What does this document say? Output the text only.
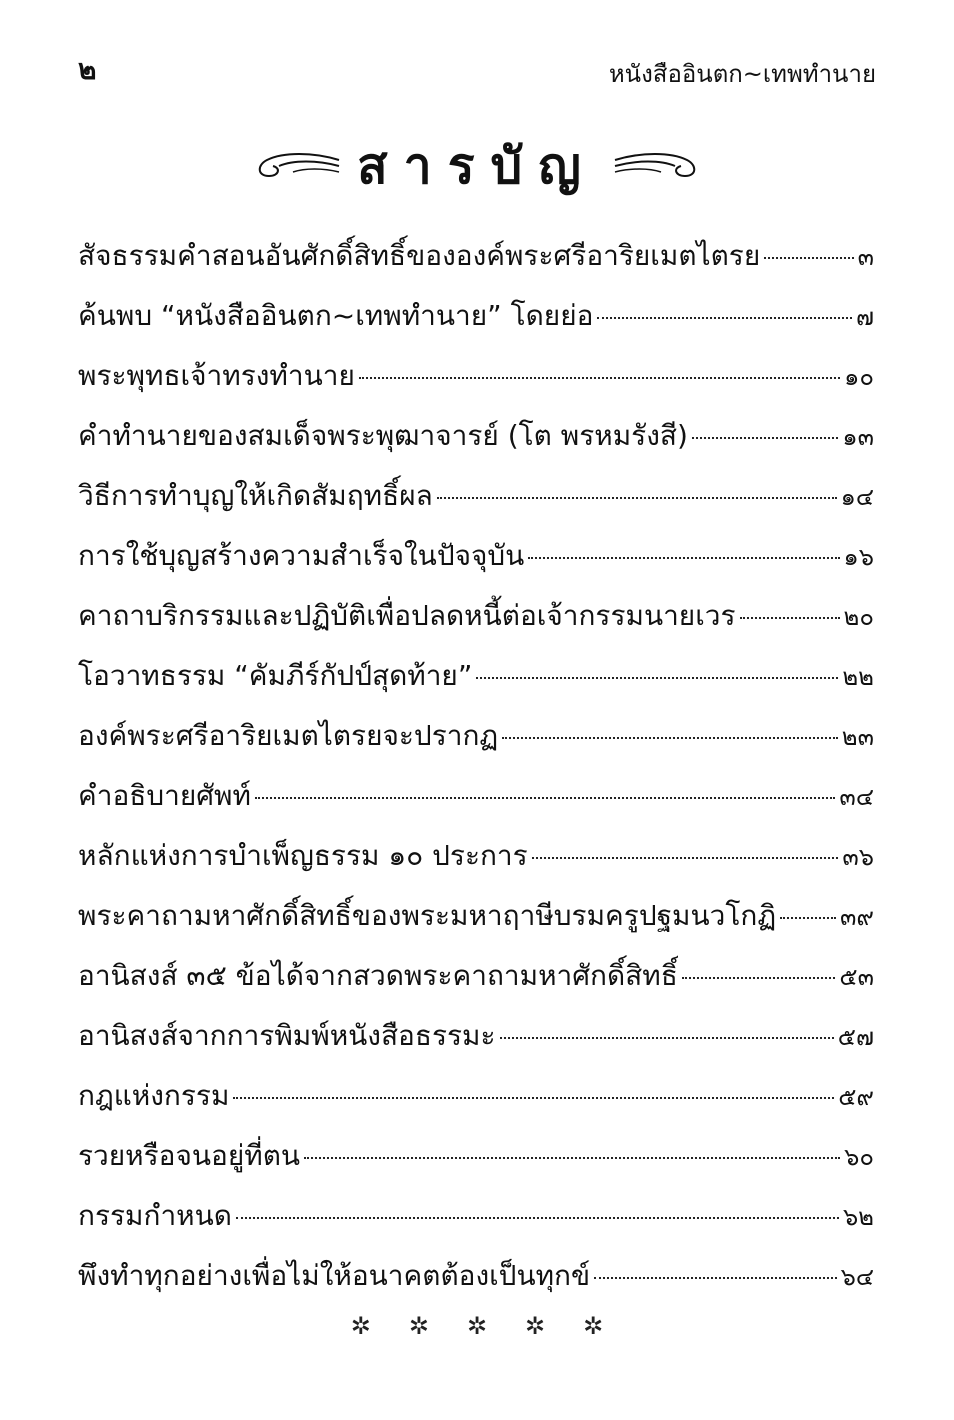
๒	หนังสืออินตก~เทพทำนาย
สารบัญ
สัจธรรมคำสอนอันศักดิ์สิทธิ์ขององค์พระศรีอาริยเมตไตรย	๓
ค้นพบ “หนังสืออินตก~เทพทำนาย” โดยย่อ	๗
พระพุทธเจ้าทรงทำนาย	๑๐
คำทำนายของสมเด็จพระพุฒาจารย์ (โต พรหมรังสี)	๑๓
วิธีการทำบุญให้เกิดสัมฤทธิ์ผล	๑๔
การใช้บุญสร้างความสำเร็จในปัจจุบัน	๑๖
คาถาบริกรรมและปฏิบัติเพื่อปลดหนี้ต่อเจ้ากรรมนายเวร	๒๐
โอวาทธรรม “คัมภีร์กัปป์สุดท้าย”	๒๒
องค์พระศรีอาริยเมตไตรยจะปรากฏ	๒๓
คำอธิบายศัพท์	๓๔
หลักแห่งการบำเพ็ญธรรม ๑๐ ประการ	๓๖
พระคาถามหาศักดิ์สิทธิ์ของพระมหาฤาษีบรมครูปฐมนวโกฏิ	๓๙
อานิสงส์ ๓๕ ข้อได้จากสวดพระคาถามหาศักดิ์สิทธิ์	๕๓
อานิสงส์จากการพิมพ์หนังสือธรรมะ	๕๗
กฎแห่งกรรม	๕๙
รวยหรือจนอยู่ที่ตน	๖๐
กรรมกำหนด	๖๒
พึงทำทุกอย่างเพื่อไม่ให้อนาคตต้องเป็นทุกข์	๖๔
✲ ✲ ✲ ✲ ✲
